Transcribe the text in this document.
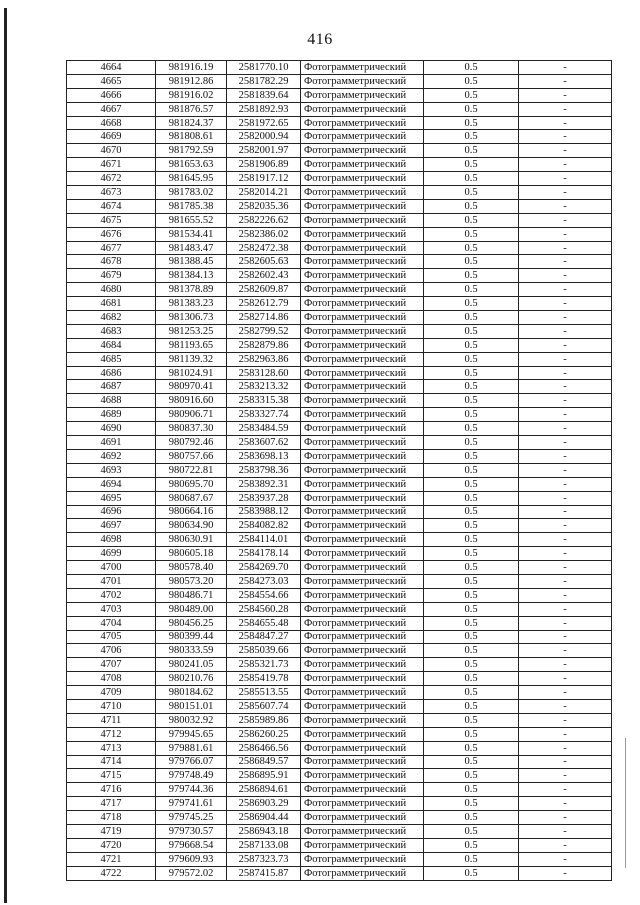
416
4664	981916.19	2581770.10	Фотограмметрический	0.5	-
4665	981912.86	2581782.29	Фотограмметрический	0.5	-
4666	981916.02	2581839.64	Фотограмметрический	0.5	-
4667	981876.57	2581892.93	Фотограмметрический	0.5	-
4668	981824.37	2581972.65	Фотограмметрический	0.5	-
4669	981808.61	2582000.94	Фотограмметрический	0.5	-
4670	981792.59	2582001.97	Фотограмметрический	0.5	-
4671	981653.63	2581906.89	Фотограмметрический	0.5	-
4672	981645.95	2581917.12	Фотограмметрический	0.5	-
4673	981783.02	2582014.21	Фотограмметрический	0.5	-
4674	981785.38	2582035.36	Фотограмметрический	0.5	-
4675	981655.52	2582226.62	Фотограмметрический	0.5	-
4676	981534.41	2582386.02	Фотограмметрический	0.5	-
4677	981483.47	2582472.38	Фотограмметрический	0.5	-
4678	981388.45	2582605.63	Фотограмметрический	0.5	-
4679	981384.13	2582602.43	Фотограмметрический	0.5	-
4680	981378.89	2582609.87	Фотограмметрический	0.5	-
4681	981383.23	2582612.79	Фотограмметрический	0.5	-
4682	981306.73	2582714.86	Фотограмметрический	0.5	-
4683	981253.25	2582799.52	Фотограмметрический	0.5	-
4684	981193.65	2582879.86	Фотограмметрический	0.5	-
4685	981139.32	2582963.86	Фотограмметрический	0.5	-
4686	981024.91	2583128.60	Фотограмметрический	0.5	-
4687	980970.41	2583213.32	Фотограмметрический	0.5	-
4688	980916.60	2583315.38	Фотограмметрический	0.5	-
4689	980906.71	2583327.74	Фотограмметрический	0.5	-
4690	980837.30	2583484.59	Фотограмметрический	0.5	-
4691	980792.46	2583607.62	Фотограмметрический	0.5	-
4692	980757.66	2583698.13	Фотограмметрический	0.5	-
4693	980722.81	2583798.36	Фотограмметрический	0.5	-
4694	980695.70	2583892.31	Фотограмметрический	0.5	-
4695	980687.67	2583937.28	Фотограмметрический	0.5	-
4696	980664.16	2583988.12	Фотограмметрический	0.5	-
4697	980634.90	2584082.82	Фотограмметрический	0.5	-
4698	980630.91	2584114.01	Фотограмметрический	0.5	-
4699	980605.18	2584178.14	Фотограмметрический	0.5	-
4700	980578.40	2584269.70	Фотограмметрический	0.5	-
4701	980573.20	2584273.03	Фотограмметрический	0.5	-
4702	980486.71	2584554.66	Фотограмметрический	0.5	-
4703	980489.00	2584560.28	Фотограмметрический	0.5	-
4704	980456.25	2584655.48	Фотограмметрический	0.5	-
4705	980399.44	2584847.27	Фотограмметрический	0.5	-
4706	980333.59	2585039.66	Фотограмметрический	0.5	-
4707	980241.05	2585321.73	Фотограмметрический	0.5	-
4708	980210.76	2585419.78	Фотограмметрический	0.5	-
4709	980184.62	2585513.55	Фотограмметрический	0.5	-
4710	980151.01	2585607.74	Фотограмметрический	0.5	-
4711	980032.92	2585989.86	Фотограмметрический	0.5	-
4712	979945.65	2586260.25	Фотограмметрический	0.5	-
4713	979881.61	2586466.56	Фотограмметрический	0.5	-
4714	979766.07	2586849.57	Фотограмметрический	0.5	-
4715	979748.49	2586895.91	Фотограмметрический	0.5	-
4716	979744.36	2586894.61	Фотограмметрический	0.5	-
4717	979741.61	2586903.29	Фотограмметрический	0.5	-
4718	979745.25	2586904.44	Фотограмметрический	0.5	-
4719	979730.57	2586943.18	Фотограмметрический	0.5	-
4720	979668.54	2587133.08	Фотограмметрический	0.5	-
4721	979609.93	2587323.73	Фотограмметрический	0.5	-
4722	979572.02	2587415.87	Фотограмметрический	0.5	-
